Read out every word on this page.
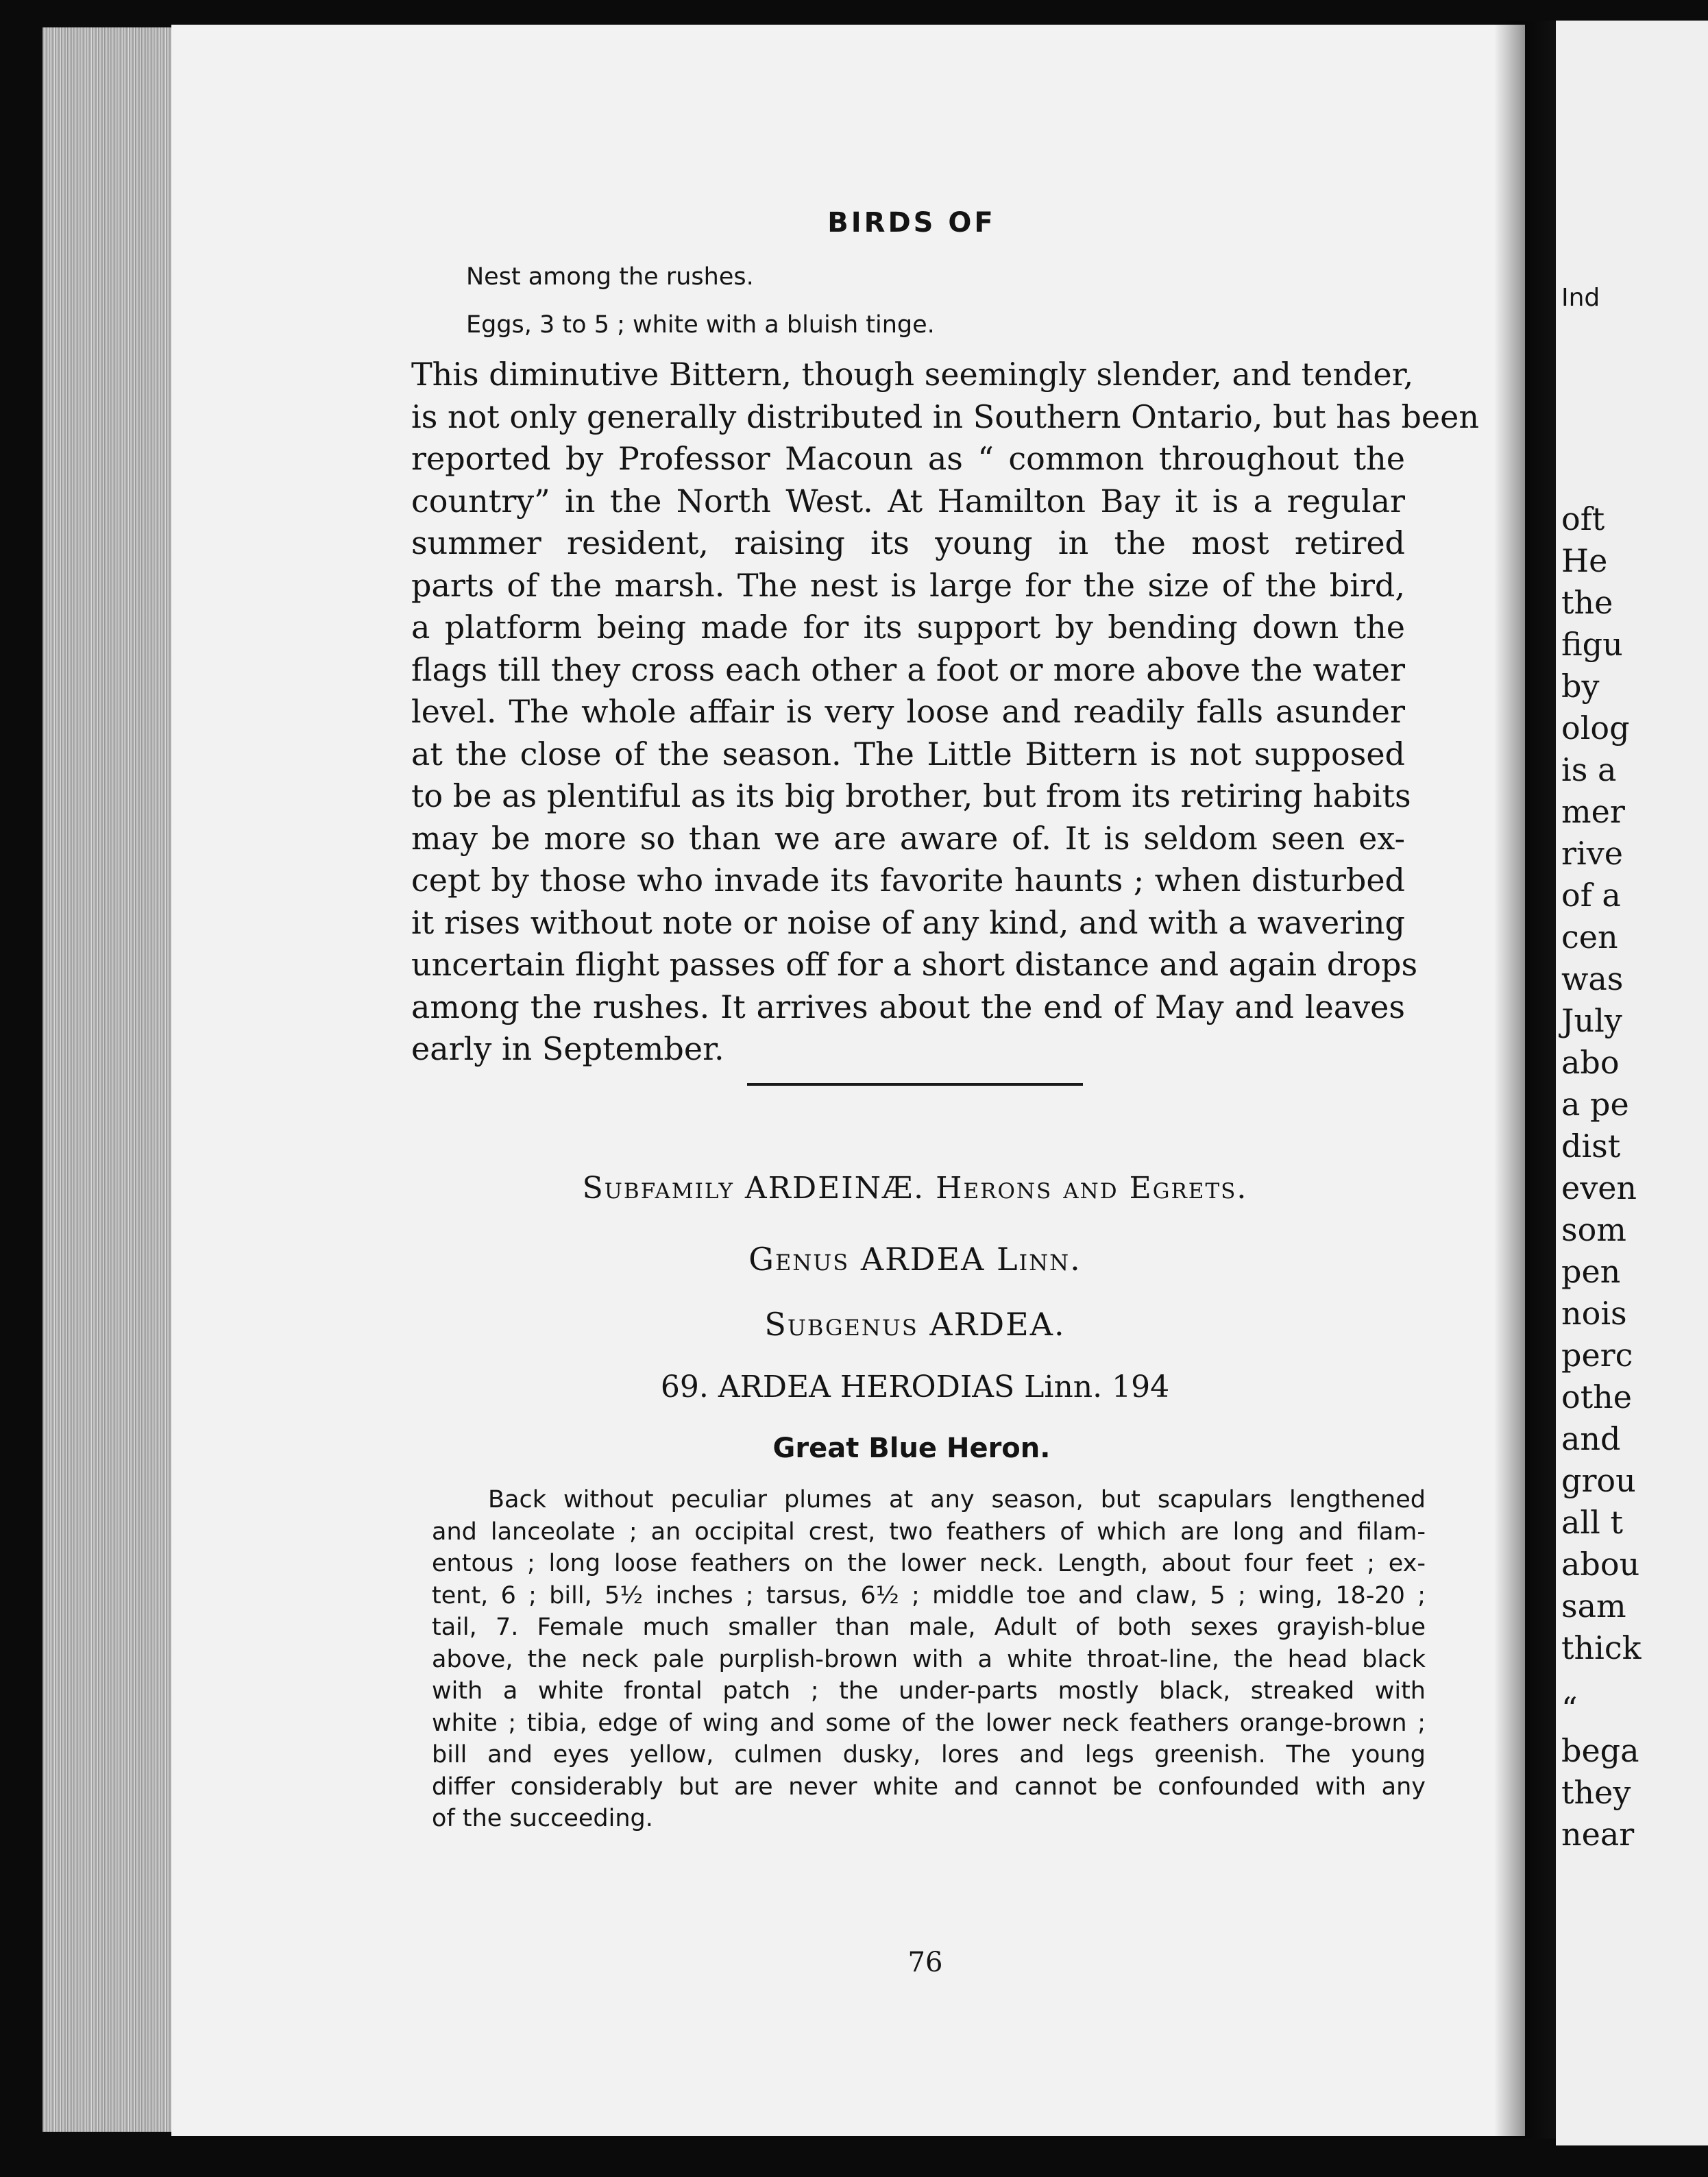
BIRDS OF
Nest among the rushes.
Eggs, 3 to 5 ; white with a bluish tinge.
This diminutive Bittern, though seemingly slender, and tender,
is not only generally distributed in Southern Ontario, but has been
reported by Professor Macoun as “ common throughout the
country” in the North West. At Hamilton Bay it is a regular
summer resident, raising its young in the most retired
parts of the marsh. The nest is large for the size of the bird,
a platform being made for its support by bending down the
flags till they cross each other a foot or more above the water
level. The whole affair is very loose and readily falls asunder
at the close of the season. The Little Bittern is not supposed
to be as plentiful as its big brother, but from its retiring habits
may be more so than we are aware of. It is seldom seen ex-
cept by those who invade its favorite haunts ; when disturbed
it rises without note or noise of any kind, and with a wavering
uncertain flight passes off for a short distance and again drops
among the rushes. It arrives about the end of May and leaves
early in September.
Subfamily ARDEINÆ. Herons and Egrets.
Genus ARDEA Linn.
Subgenus ARDEA.
69. ARDEA HERODIAS Linn. 194
Great Blue Heron.
Back without peculiar plumes at any season, but scapulars lengthened
and lanceolate ; an occipital crest, two feathers of which are long and filam-
entous ; long loose feathers on the lower neck. Length, about four feet ; ex-
tent, 6 ; bill, 5½ inches ; tarsus, 6½ ; middle toe and claw, 5 ; wing, 18-20 ;
tail, 7. Female much smaller than male, Adult of both sexes grayish-blue
above, the neck pale purplish-brown with a white throat-line, the head black
with a white frontal patch ; the under-parts mostly black, streaked with
white ; tibia, edge of wing and some of the lower neck feathers orange-brown ;
bill and eyes yellow, culmen dusky, lores and legs greenish. The young
differ considerably but are never white and cannot be confounded with any
of the succeeding.
76
Ind
oft
He
the
figu
by
olog
is a
mer
rive
of a
cen
was
July
abo
a pe
dist
even
som
pen
nois
perc
othe
and
grou
all t
abou
sam
thick
“
bega
they
near
